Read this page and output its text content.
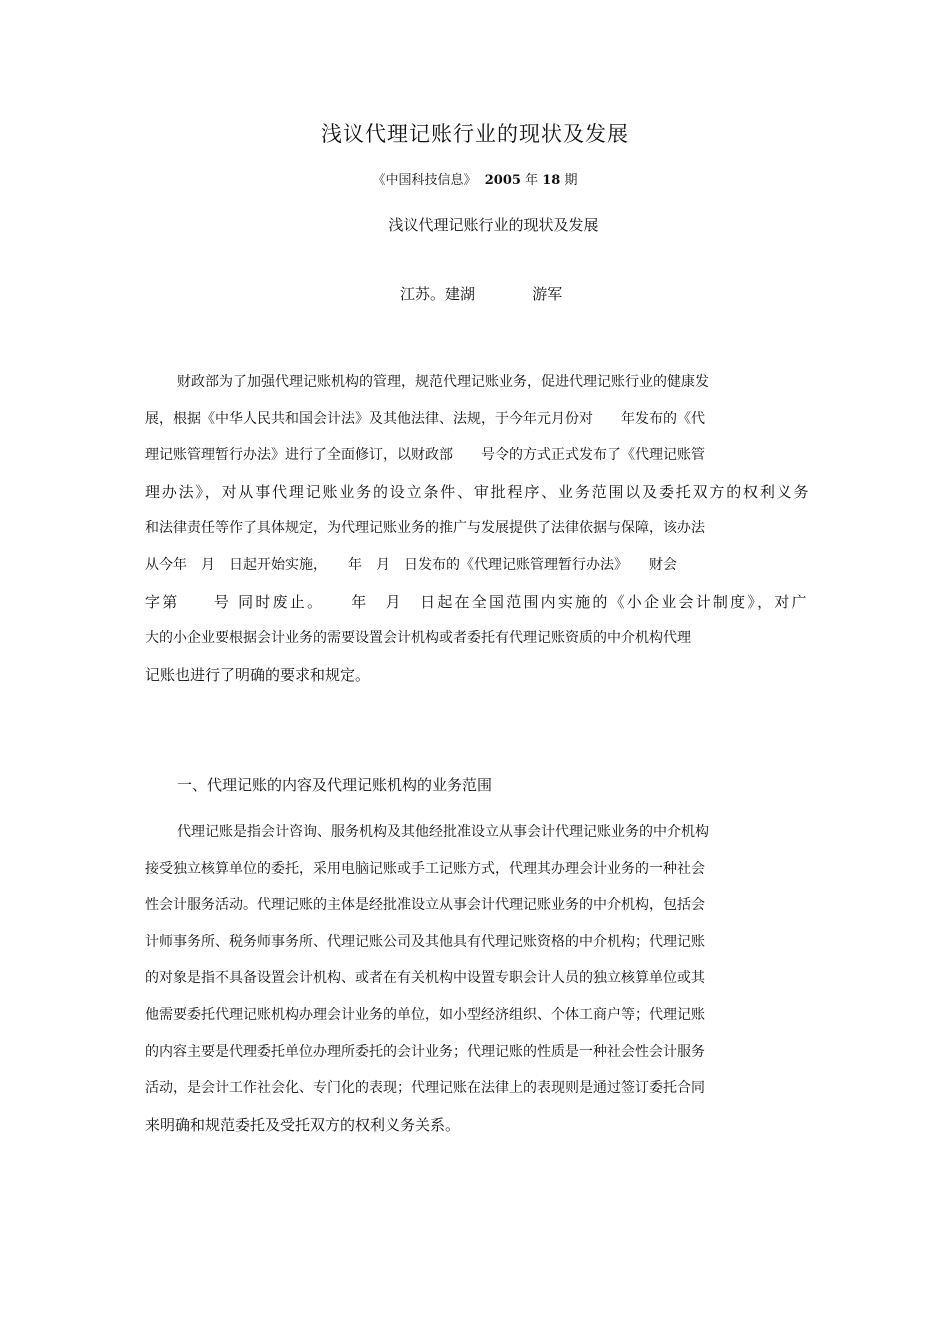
浅议代理记账行业的现状及发展
《中国科技信息》 2005 年 18 期
浅议代理记账行业的现状及发展
江苏。建湖	游军
财政部为了加强代理记账机构的管理，规范代理记账业务，促进代理记账行业的健康发
展，根据《中华人民共和国会计法》及其他法律、法规，于今年元月份对　　年发布的《代
理记账管理暂行办法》进行了全面修订，以财政部　　号令的方式正式发布了《代理记账管
理办法》，对从事代理记账业务的设立条件、审批程序、业务范围以及委托双方的权利义务
和法律责任等作了具体规定，为代理记账业务的推广与发展提供了法律依据与保障，该办法
从今年　月　日起开始实施，　　年　月　日发布的《代理记账管理暂行办法》　　财会
字第　　号 同时废止。　　年　月　日起在全国范围内实施的《小企业会计制度》，对广
大的小企业要根据会计业务的需要设置会计机构或者委托有代理记账资质的中介机构代理
记账也进行了明确的要求和规定。
一、代理记账的内容及代理记账机构的业务范围
代理记账是指会计咨询、服务机构及其他经批准设立从事会计代理记账业务的中介机构
接受独立核算单位的委托，采用电脑记账或手工记账方式，代理其办理会计业务的一种社会
性会计服务活动。代理记账的主体是经批准设立从事会计代理记账业务的中介机构，包括会
计师事务所、税务师事务所、代理记账公司及其他具有代理记账资格的中介机构；代理记账
的对象是指不具备设置会计机构、或者在有关机构中设置专职会计人员的独立核算单位或其
他需要委托代理记账机构办理会计业务的单位，如小型经济组织、个体工商户等；代理记账
的内容主要是代理委托单位办理所委托的会计业务；代理记账的性质是一种社会性会计服务
活动，是会计工作社会化、专门化的表现；代理记账在法律上的表现则是通过签订委托合同
来明确和规范委托及受托双方的权利义务关系。
